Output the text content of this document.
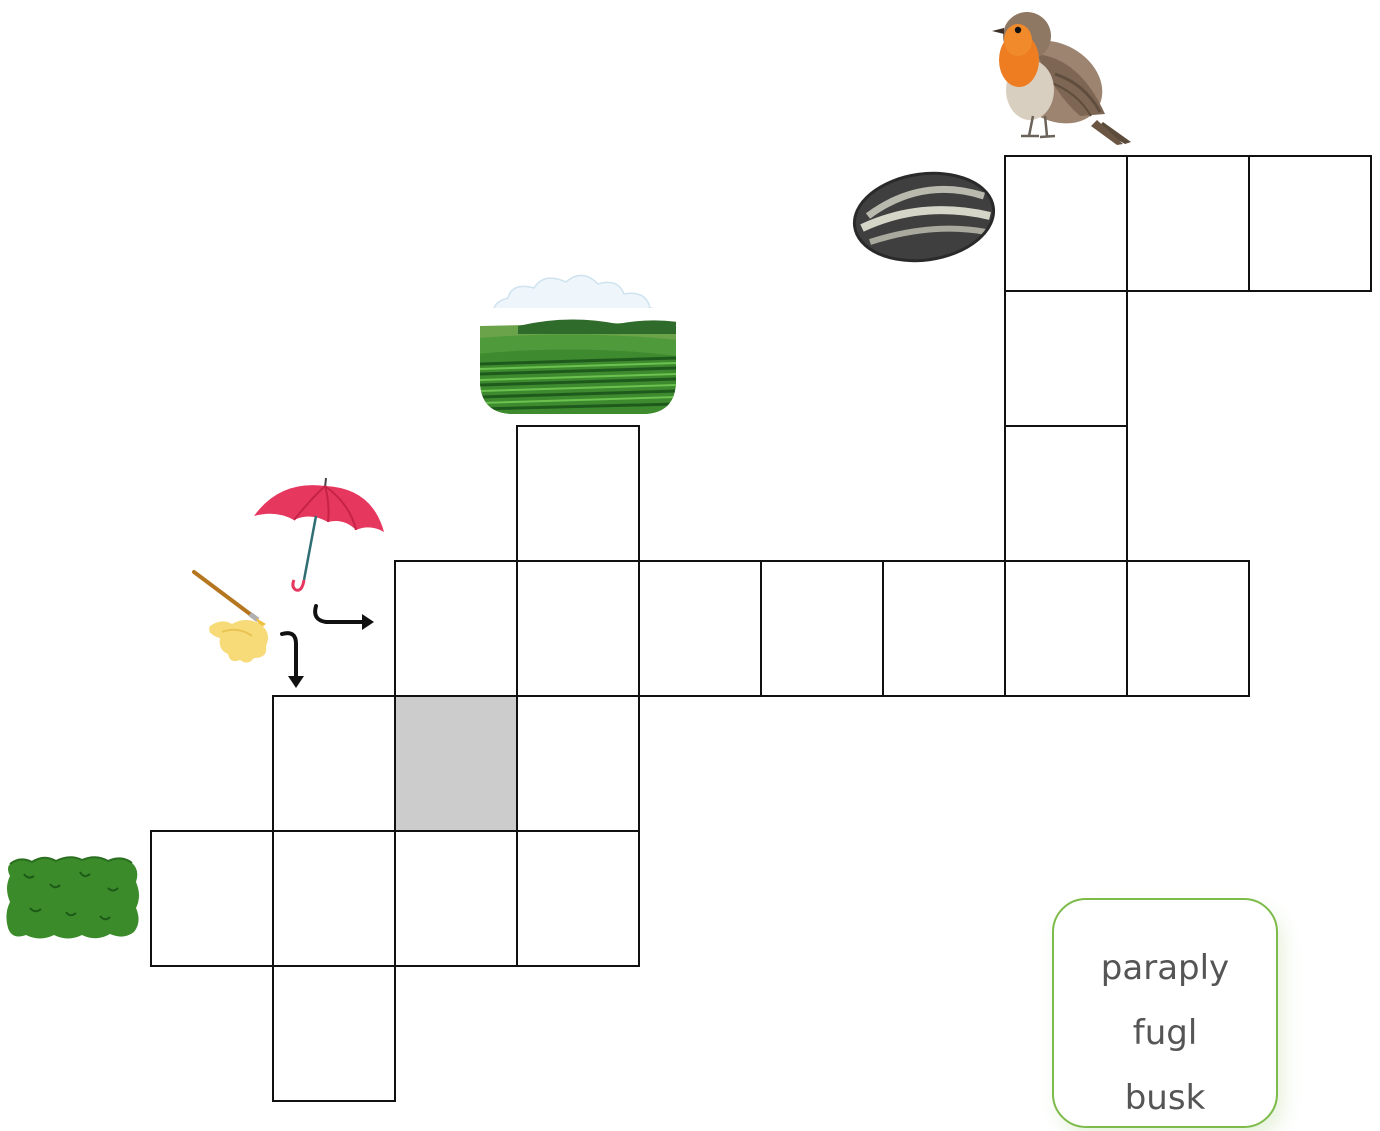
paraply
fugl
busk
